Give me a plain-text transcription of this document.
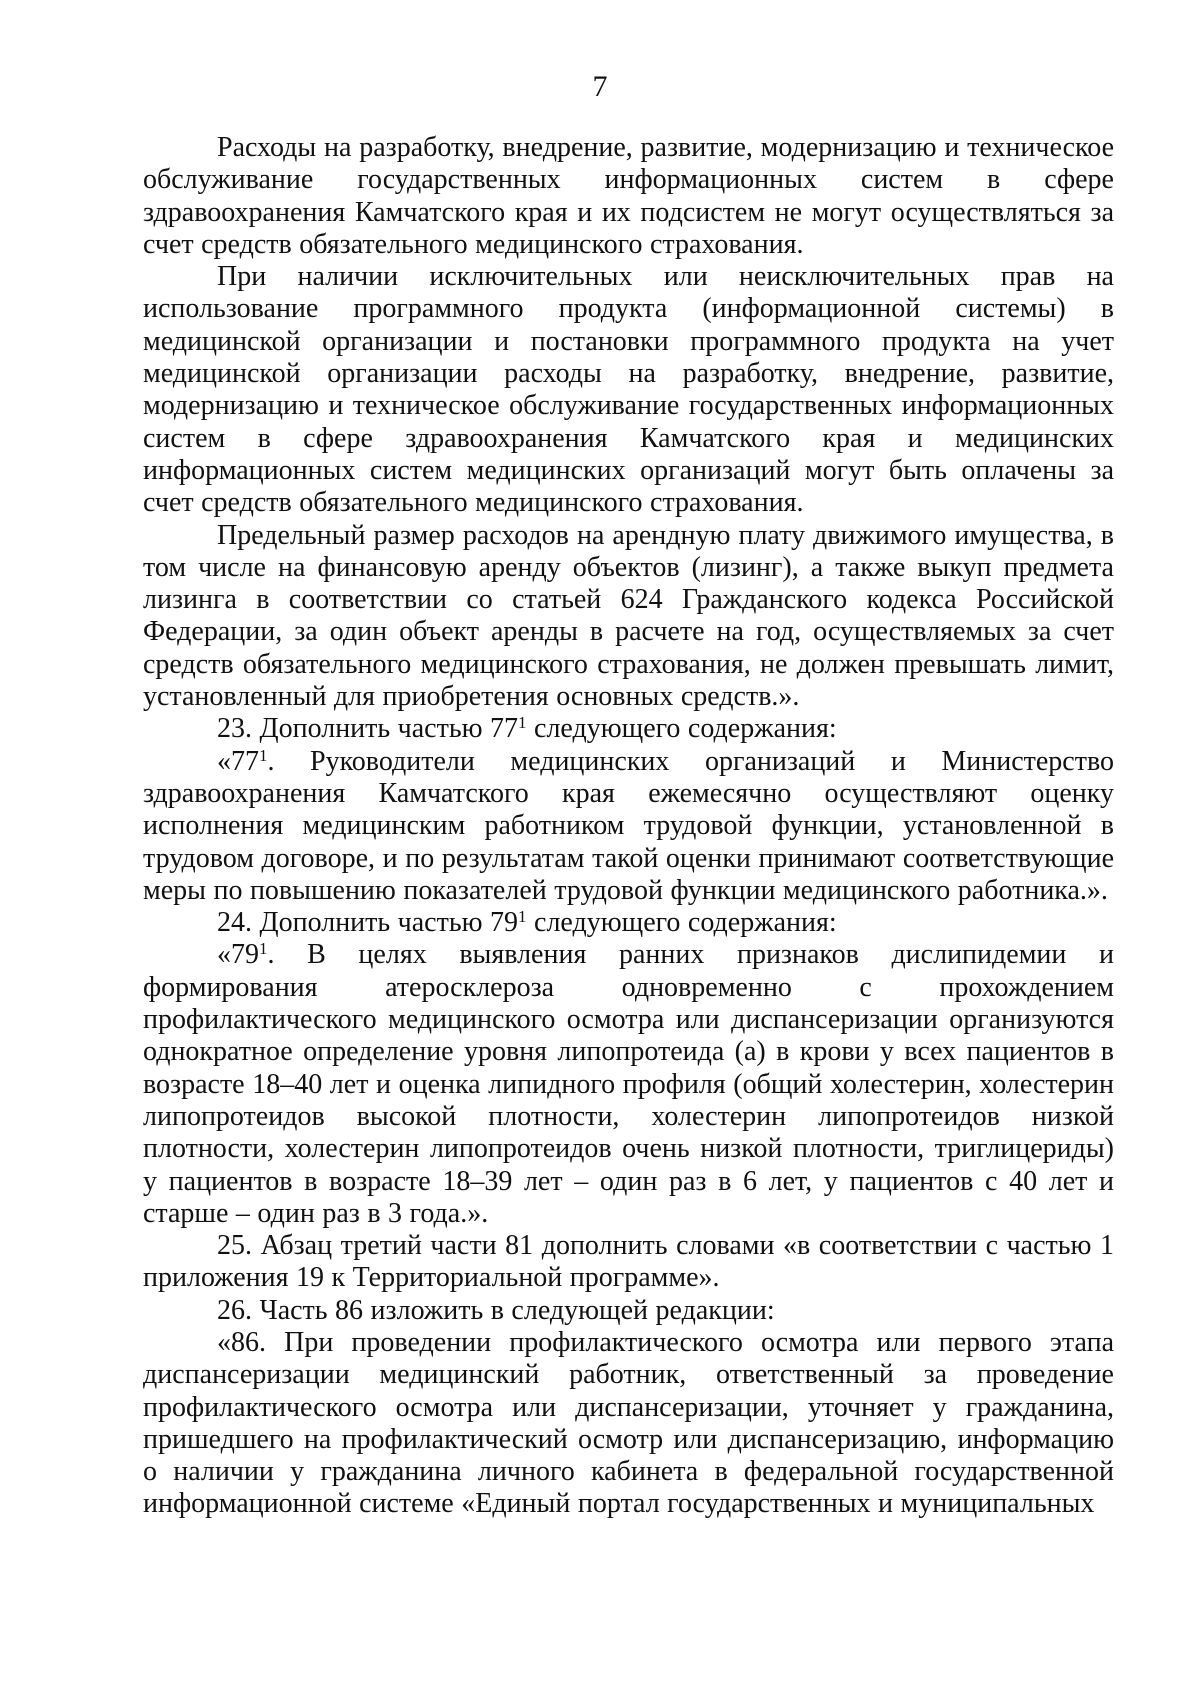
7

Расходы на разработку, внедрение, развитие, модернизацию и техническое обслуживание государственных информационных систем в сфере здравоохранения Камчатского края и их подсистем не могут осуществляться за счет средств обязательного медицинского страхования.

При наличии исключительных или неисключительных прав на использование программного продукта (информационной системы) в медицинской организации и постановки программного продукта на учет медицинской организации расходы на разработку, внедрение, развитие, модернизацию и техническое обслуживание государственных информационных систем в сфере здравоохранения Камчатского края и медицинских информационных систем медицинских организаций могут быть оплачены за счет средств обязательного медицинского страхования.

Предельный размер расходов на арендную плату движимого имущества, в том числе на финансовую аренду объектов (лизинг), а также выкуп предмета лизинга в соответствии со статьей 624 Гражданского кодекса Российской Федерации, за один объект аренды в расчете на год, осуществляемых за счет средств обязательного медицинского страхования, не должен превышать лимит, установленный для приобретения основных средств.».

23. Дополнить частью $77^1$ следующего содержания:

«$77^1$. Руководители медицинских организаций и Министерство здравоохранения Камчатского края ежемесячно осуществляют оценку исполнения медицинским работником трудовой функции, установленной в трудовом договоре, и по результатам такой оценки принимают соответствующие меры по повышению показателей трудовой функции медицинского работника.».

24. Дополнить частью $79^1$ следующего содержания:

«$79^1$. В целях выявления ранних признаков дислипидемии и формирования атеросклероза одновременно с прохождением профилактического медицинского осмотра или диспансеризации организуются однократное определение уровня липопротеида (а) в крови у всех пациентов в возрасте 18–40 лет и оценка липидного профиля (общий холестерин, холестерин липопротеидов высокой плотности, холестерин липопротеидов низкой плотности, холестерин липопротеидов очень низкой плотности, триглицериды) у пациентов в возрасте 18–39 лет – один раз в 6 лет, у пациентов с 40 лет и старше – один раз в 3 года.».

25. Абзац третий части 81 дополнить словами «в соответствии с частью 1 приложения 19 к Территориальной программе».

26. Часть 86 изложить в следующей редакции:

«86. При проведении профилактического осмотра или первого этапа диспансеризации медицинский работник, ответственный за проведение профилактического осмотра или диспансеризации, уточняет у гражданина, пришедшего на профилактический осмотр или диспансеризацию, информацию о наличии у гражданина личного кабинета в федеральной государственной информационной системе «Единый портал государственных и муниципальных
